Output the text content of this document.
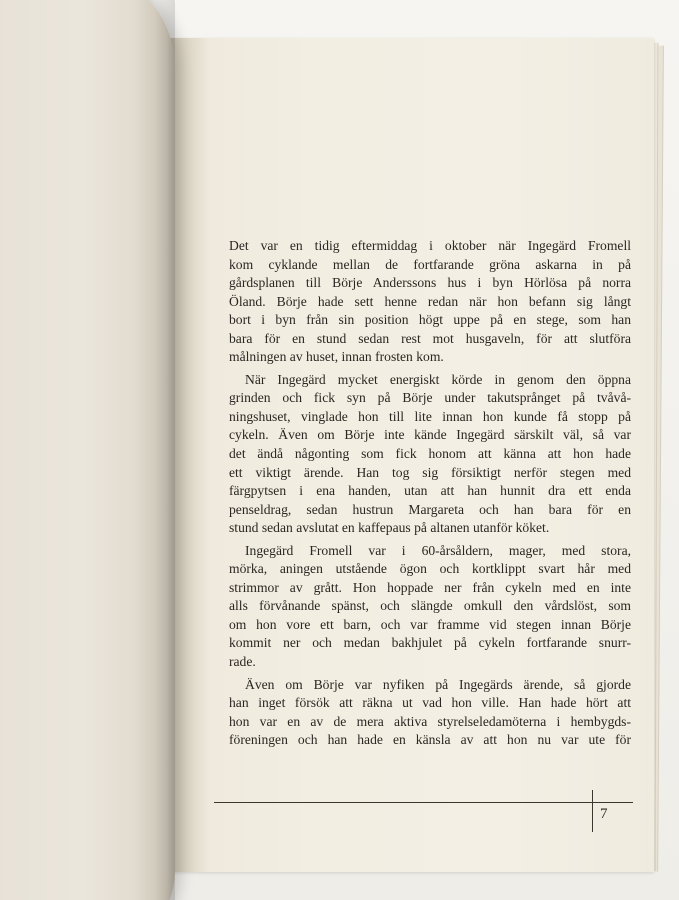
Det var en tidig eftermiddag i oktober när Ingegärd Fromell
kom cyklande mellan de fortfarande gröna askarna in på
gårdsplanen till Börje Anderssons hus i byn Hörlösa på norra
Öland. Börje hade sett henne redan när hon befann sig långt
bort i byn från sin position högt uppe på en stege, som han
bara för en stund sedan rest mot husgaveln, för att slutföra
målningen av huset, innan frosten kom.
När Ingegärd mycket energiskt körde in genom den öppna
grinden och fick syn på Börje under takutsprånget på tvåvå-
ningshuset, vinglade hon till lite innan hon kunde få stopp på
cykeln. Även om Börje inte kände Ingegärd särskilt väl, så var
det ändå någonting som fick honom att känna att hon hade
ett viktigt ärende. Han tog sig försiktigt nerför stegen med
färgpytsen i ena handen, utan att han hunnit dra ett enda
penseldrag, sedan hustrun Margareta och han bara för en
stund sedan avslutat en kaffepaus på altanen utanför köket.
Ingegärd Fromell var i 60-årsåldern, mager, med stora,
mörka, aningen utstående ögon och kortklippt svart hår med
strimmor av grått. Hon hoppade ner från cykeln med en inte
alls förvånande spänst, och slängde omkull den vårdslöst, som
om hon vore ett barn, och var framme vid stegen innan Börje
kommit ner och medan bakhjulet på cykeln fortfarande snurr-
rade.
Även om Börje var nyfiken på Ingegärds ärende, så gjorde
han inget försök att räkna ut vad hon ville. Han hade hört att
hon var en av de mera aktiva styrelseledamöterna i hembygds-
föreningen och han hade en känsla av att hon nu var ute för
7
